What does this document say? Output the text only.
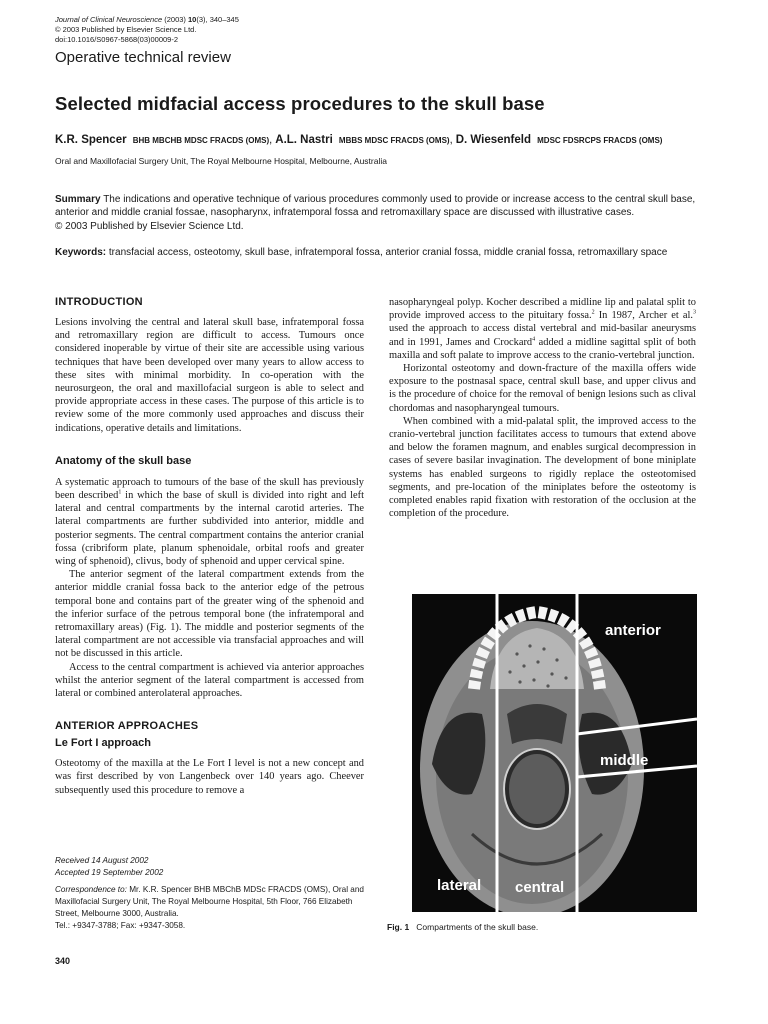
Journal of Clinical Neuroscience (2003) 10(3), 340–345
© 2003 Published by Elsevier Science Ltd.
doi:10.1016/S0967-5868(03)00009-2
Operative technical review
Selected midfacial access procedures to the skull base
K.R. Spencer BHB MBCHB MDSC FRACDS (OMS), A.L. Nastri MBBS MDSC FRACDS (OMS), D. Wiesenfeld MDSC FDSRCPS FRACDS (OMS)
Oral and Maxillofacial Surgery Unit, The Royal Melbourne Hospital, Melbourne, Australia
Summary The indications and operative technique of various procedures commonly used to provide or increase access to the central skull base, anterior and middle cranial fossae, nasopharynx, infratemporal fossa and retromaxillary space are discussed with illustrative cases.
© 2003 Published by Elsevier Science Ltd.
Keywords: transfacial access, osteotomy, skull base, infratemporal fossa, anterior cranial fossa, middle cranial fossa, retromaxillary space
INTRODUCTION

Lesions involving the central and lateral skull base, infratemporal fossa and retromaxillary region are difficult to access. Tumours once considered inoperable by virtue of their site are accessible using various techniques that have been developed over many years to allow access to these sites with minimal morbidity. In co-operation with the neurosurgeon, the oral and maxillofacial surgeon is able to select and provide appropriate access in these cases. The purpose of this article is to review some of the more commonly used approaches and discuss their indications, operative details and limitations.

Anatomy of the skull base

A systematic approach to tumours of the base of the skull has previously been described$^1$ in which the base of skull is divided into right and left lateral and central compartments by the internal carotid arteries. The lateral compartments are further subdivided into anterior, middle and posterior segments. The central compartment contains the anterior cranial fossa (cribriform plate, planum sphenoidale, orbital roofs and greater wing of sphenoid), clivus, body of sphenoid and upper cervical spine.

The anterior segment of the lateral compartment extends from the anterior middle cranial fossa back to the anterior edge of the petrous temporal bone and contains part of the greater wing of the sphenoid and the inferior surface of the petrous temporal bone (the infratemporal and retromaxillary areas) (Fig. 1). The middle and posterior segments of the lateral compartment are not accessible via transfacial approaches and will not be discussed in this article.

Access to the central compartment is achieved via anterior approaches whilst the anterior segment of the lateral compartment is accessed from lateral or combined anterolateral approaches.

ANTERIOR APPROACHES
Le Fort I approach

Osteotomy of the maxilla at the Le Fort I level is not a new concept and was first described by von Langenbeck over 140 years ago. Cheever subsequently used this procedure to remove a

nasopharyngeal polyp. Kocher described a midline lip and palatal split to provide improved access to the pituitary fossa.$^2$ In 1987, Archer et al.$^3$ used the approach to access distal vertebral and mid-basilar aneurysms and in 1991, James and Crockard$^4$ added a midline sagittal split of both maxilla and soft palate to improve access to the cranio-vertebral junction.

Horizontal osteotomy and down-fracture of the maxilla offers wide exposure to the postnasal space, central skull base, and upper clivus and is the procedure of choice for the removal of benign lesions such as clival chordomas and nasopharyngeal tumours.

When combined with a mid-palatal split, the improved access to the cranio-vertebral junction facilitates access to tumours that extend above and below the foramen magnum, and enables surgical decompression in cases of severe basilar invagination. The development of bone miniplate systems has enabled surgeons to rigidly replace the osteotomised segments, and pre-location of the miniplates before the osteotomy is completed enables rapid fixation with restoration of the occlusion at the completion of the procedure.

Received 14 August 2002
Accepted 19 September 2002
Correspondence to: Mr. K.R. Spencer BHB MBChB MDSc FRACDS (OMS), Oral and Maxillofacial Surgery Unit, The Royal Melbourne Hospital, 5th Floor, 766 Elizabeth Street, Melbourne 3000, Australia.
Tel.: +9347-3788; Fax: +9347-3058.
anterior
middle
lateral central
Fig. 1 Compartments of the skull base.
340
